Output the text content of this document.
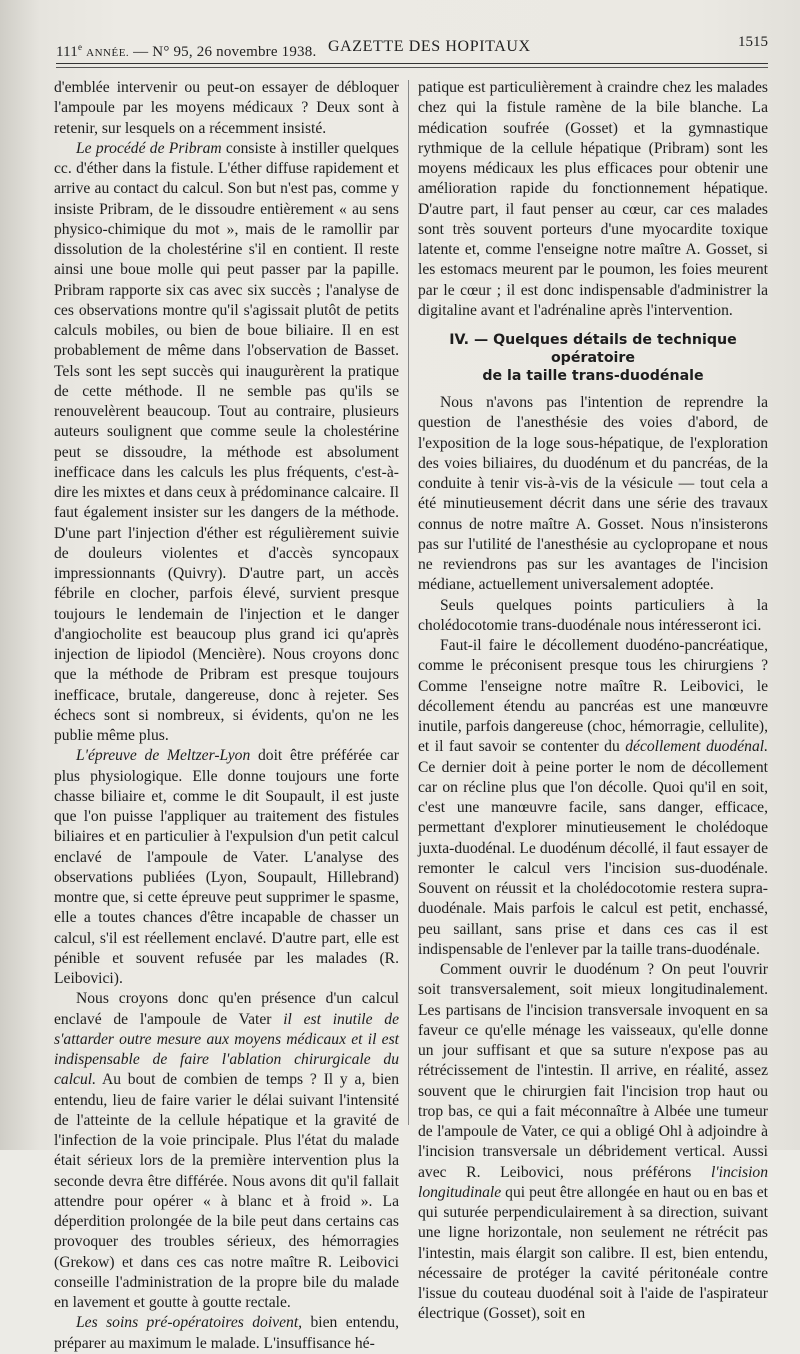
111e ANNÉE. — N° 95, 26 novembre 1938. GAZETTE DES HOPITAUX	1515

d'emblée intervenir ou peut-on essayer de débloquer l'ampoule par les moyens médicaux ? Deux sont à retenir, sur lesquels on a récemment insisté.

Le procédé de Pribram consiste à instiller quelques cc. d'éther dans la fistule. L'éther diffuse rapidement et arrive au contact du calcul. Son but n'est pas, comme y insiste Pribram, de le dissoudre entièrement « au sens physico-chimique du mot », mais de le ramollir par dissolution de la cholestérine s'il en contient. Il reste ainsi une boue molle qui peut passer par la papille. Pribram rapporte six cas avec six succès ; l'analyse de ces observations montre qu'il s'agissait plutôt de petits calculs mobiles, ou bien de boue biliaire. Il en est probablement de même dans l'observation de Basset. Tels sont les sept succès qui inaugurèrent la pratique de cette méthode. Il ne semble pas qu'ils se renouvelèrent beaucoup. Tout au contraire, plusieurs auteurs soulignent que comme seule la cholestérine peut se dissoudre, la méthode est absolument inefficace dans les calculs les plus fréquents, c'est-à-dire les mixtes et dans ceux à prédominance calcaire. Il faut également insister sur les dangers de la méthode. D'une part l'injection d'éther est régulièrement suivie de douleurs violentes et d'accès syncopaux impressionnants (Quivry). D'autre part, un accès fébrile en clocher, parfois élevé, survient presque toujours le lendemain de l'injection et le danger d'angiocholite est beaucoup plus grand ici qu'après injection de lipiodol (Mencière). Nous croyons donc que la méthode de Pribram est presque toujours inefficace, brutale, dangereuse, donc à rejeter. Ses échecs sont si nombreux, si évidents, qu'on ne les publie même plus.

L'épreuve de Meltzer-Lyon doit être préférée car plus physiologique. Elle donne toujours une forte chasse biliaire et, comme le dit Soupault, il est juste que l'on puisse l'appliquer au traitement des fistules biliaires et en particulier à l'expulsion d'un petit calcul enclavé de l'ampoule de Vater. L'analyse des observations publiées (Lyon, Soupault, Hillebrand) montre que, si cette épreuve peut supprimer le spasme, elle a toutes chances d'être incapable de chasser un calcul, s'il est réellement enclavé. D'autre part, elle est pénible et souvent refusée par les malades (R. Leibovici).

Nous croyons donc qu'en présence d'un calcul enclavé de l'ampoule de Vater il est inutile de s'attarder outre mesure aux moyens médicaux et il est indispensable de faire l'ablation chirurgicale du calcul. Au bout de combien de temps ? Il y a, bien entendu, lieu de faire varier le délai suivant l'intensité de l'atteinte de la cellule hépatique et la gravité de l'infection de la voie principale. Plus l'état du malade était sérieux lors de la première intervention plus la seconde devra être différée. Nous avons dit qu'il fallait attendre pour opérer « à blanc et à froid ». La déperdition prolongée de la bile peut dans certains cas provoquer des troubles sérieux, des hémorragies (Grekow) et dans ces cas notre maître R. Leibovici conseille l'administration de la propre bile du malade en lavement et goutte à goutte rectale.

Les soins pré-opératoires doivent, bien entendu, préparer au maximum le malade. L'insuffisance hé-

patique est particulièrement à craindre chez les malades chez qui la fistule ramène de la bile blanche. La médication soufrée (Gosset) et la gymnastique rythmique de la cellule hépatique (Pribram) sont les moyens médicaux les plus efficaces pour obtenir une amélioration rapide du fonctionnement hépatique. D'autre part, il faut penser au cœur, car ces malades sont très souvent porteurs d'une myocardite toxique latente et, comme l'enseigne notre maître A. Gosset, si les estomacs meurent par le poumon, les foies meurent par le cœur ; il est donc indispensable d'administrer la digitaline avant et l'adrénaline après l'intervention.

IV. — Quelques détails de technique opératoire
de la taille trans-duodénale

Nous n'avons pas l'intention de reprendre la question de l'anesthésie des voies d'abord, de l'exposition de la loge sous-hépatique, de l'exploration des voies biliaires, du duodénum et du pancréas, de la conduite à tenir vis-à-vis de la vésicule — tout cela a été minutieusement décrit dans une série des travaux connus de notre maître A. Gosset. Nous n'insisterons pas sur l'utilité de l'anesthésie au cyclopropane et nous ne reviendrons pas sur les avantages de l'incision médiane, actuellement universalement adoptée.

Seuls quelques points particuliers à la cholédocotomie trans-duodénale nous intéresseront ici.

Faut-il faire le décollement duodéno-pancréatique, comme le préconisent presque tous les chirurgiens ? Comme l'enseigne notre maître R. Leibovici, le décollement étendu au pancréas est une manœuvre inutile, parfois dangereuse (choc, hémorragie, cellulite), et il faut savoir se contenter du décollement duodénal. Ce dernier doit à peine porter le nom de décollement car on récline plus que l'on décolle. Quoi qu'il en soit, c'est une manœuvre facile, sans danger, efficace, permettant d'explorer minutieusement le cholédoque juxta-duodénal. Le duodénum décollé, il faut essayer de remonter le calcul vers l'incision sus-duodénale. Souvent on réussit et la cholédocotomie restera supra-duodénale. Mais parfois le calcul est petit, enchassé, peu saillant, sans prise et dans ces cas il est indispensable de l'enlever par la taille trans-duodénale.

Comment ouvrir le duodénum ? On peut l'ouvrir soit transversalement, soit mieux longitudinalement. Les partisans de l'incision transversale invoquent en sa faveur ce qu'elle ménage les vaisseaux, qu'elle donne un jour suffisant et que sa suture n'expose pas au rétrécissement de l'intestin. Il arrive, en réalité, assez souvent que le chirurgien fait l'incision trop haut ou trop bas, ce qui a fait méconnaître à Albée une tumeur de l'ampoule de Vater, ce qui a obligé Ohl à adjoindre à l'incision transversale un débridement vertical. Aussi avec R. Leibovici, nous préférons l'incision longitudinale qui peut être allongée en haut ou en bas et qui suturée perpendiculairement à sa direction, suivant une ligne horizontale, non seulement ne rétrécit pas l'intestin, mais élargit son calibre. Il est, bien entendu, nécessaire de protéger la cavité péritonéale contre l'issue du couteau duodénal soit à l'aide de l'aspirateur électrique (Gosset), soit en
